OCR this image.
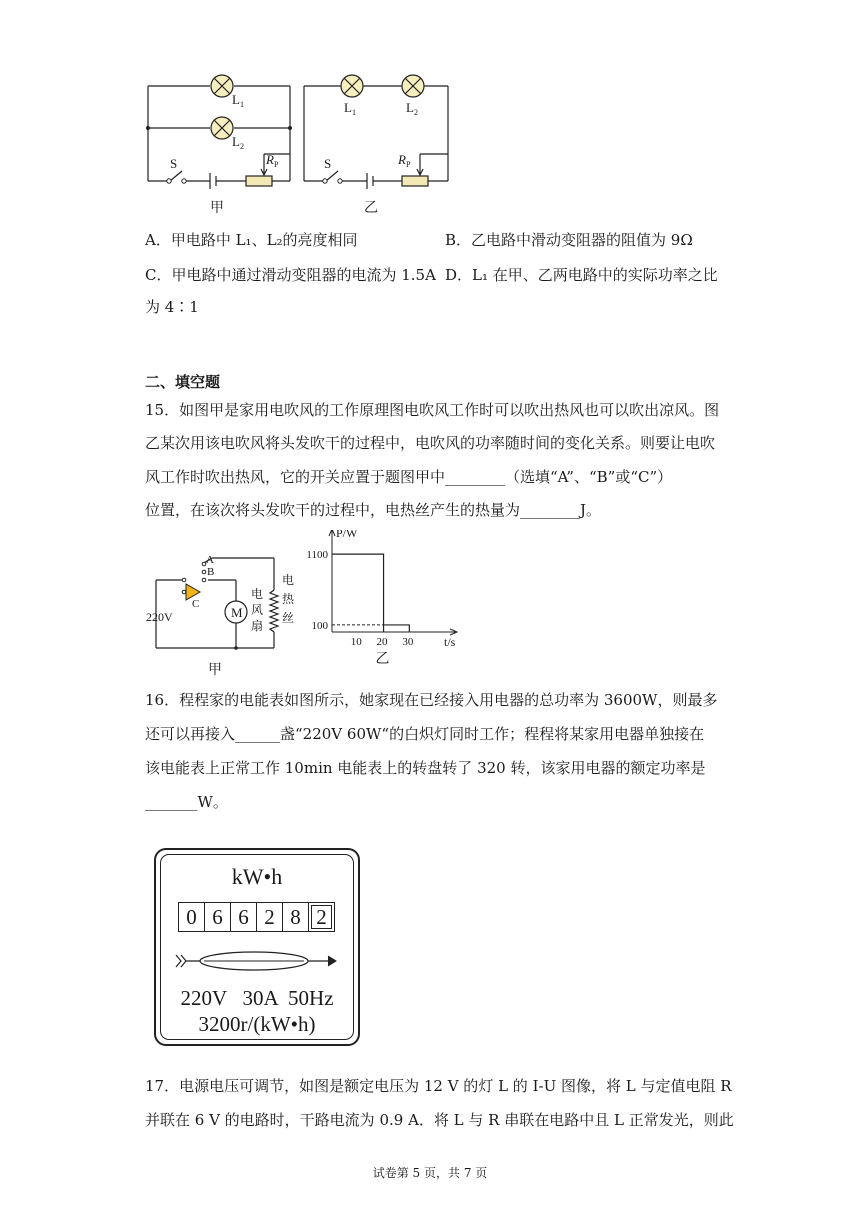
$L_1$
$L_2$
S	$R_P$
甲
$L_1$	$L_2$
S	$R_P$
乙
A．甲电路中 L₁、L₂的亮度相同	B．乙电路中滑动变阻器的阻值为 9Ω
C．甲电路中通过滑动变阻器的电流为 1.5A D．L₁ 在甲、乙两电路中的实际功率之比
为 4∶1
二、填空题
15．如图甲是家用电吹风的工作原理图电吹风工作时可以吹出热风也可以吹出凉风。图
乙某次用该电吹风将头发吹干的过程中，电吹风的功率随时间的变化关系。则要让电吹
风工作时吹出热风，它的开关应置于题图甲中________（选填“A”、“B”或“C”）
位置，在该次将头发吹干的过程中，电热丝产生的热量为________J。
M
A
B
C
220V
电
风
扇
电
热
丝
甲
10 20 30
100
1100
P/W
t/s
乙
16．程程家的电能表如图所示，她家现在已经接入用电器的总功率为 3600W，则最多
还可以再接入______盏“220V 60W“的白炽灯同时工作；程程将某家用电器单独接在
该电能表上正常工作 10min 电能表上的转盘转了 320 转，该家用电器的额定功率是
_______W。
kW•h
0 6 6 2 8 2
220V   30A  50Hz
3200r/(kW•h)
17．电源电压可调节，如图是额定电压为 12 V 的灯 L 的 I-U 图像，将 L 与定值电阻 R
并联在 6 V 的电路时，干路电流为 0.9 A．将 L 与 R 串联在电路中且 L 正常发光，则此
试卷第 5 页，共 7 页
